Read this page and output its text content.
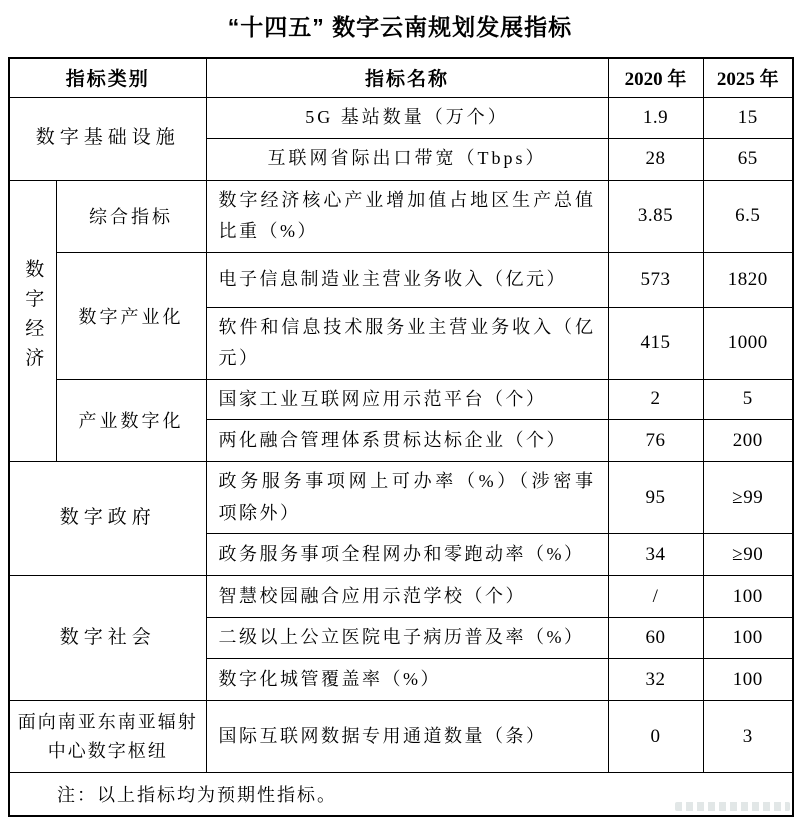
“十四五” 数字云南规划发展指标
指标类别		指标名称	2020 年	2025 年
数字基础设施		5G 基站数量（万个）	1.9	15
		互联网省际出口带宽（Tbps）	28	65
数字经济	综合指标	数字经济核心产业增加值占地区生产总值比重（%）	3.85	6.5
	数字产业化	电子信息制造业主营业务收入（亿元）	573	1820
		软件和信息技术服务业主营业务收入（亿元）	415	1000
	产业数字化	国家工业互联网应用示范平台（个）	2	5
		两化融合管理体系贯标达标企业（个）	76	200
数字政府		政务服务事项网上可办率（%）（涉密事项除外）	95	≥99
		政务服务事项全程网办和零跑动率（%）	34	≥90
数字社会		智慧校园融合应用示范学校（个）	/	100
		二级以上公立医院电子病历普及率（%）	60	100
		数字化城管覆盖率（%）	32	100
面向南亚东南亚辐射中心数字枢纽		国际互联网数据专用通道数量（条）	0	3
注：以上指标均为预期性指标。				
